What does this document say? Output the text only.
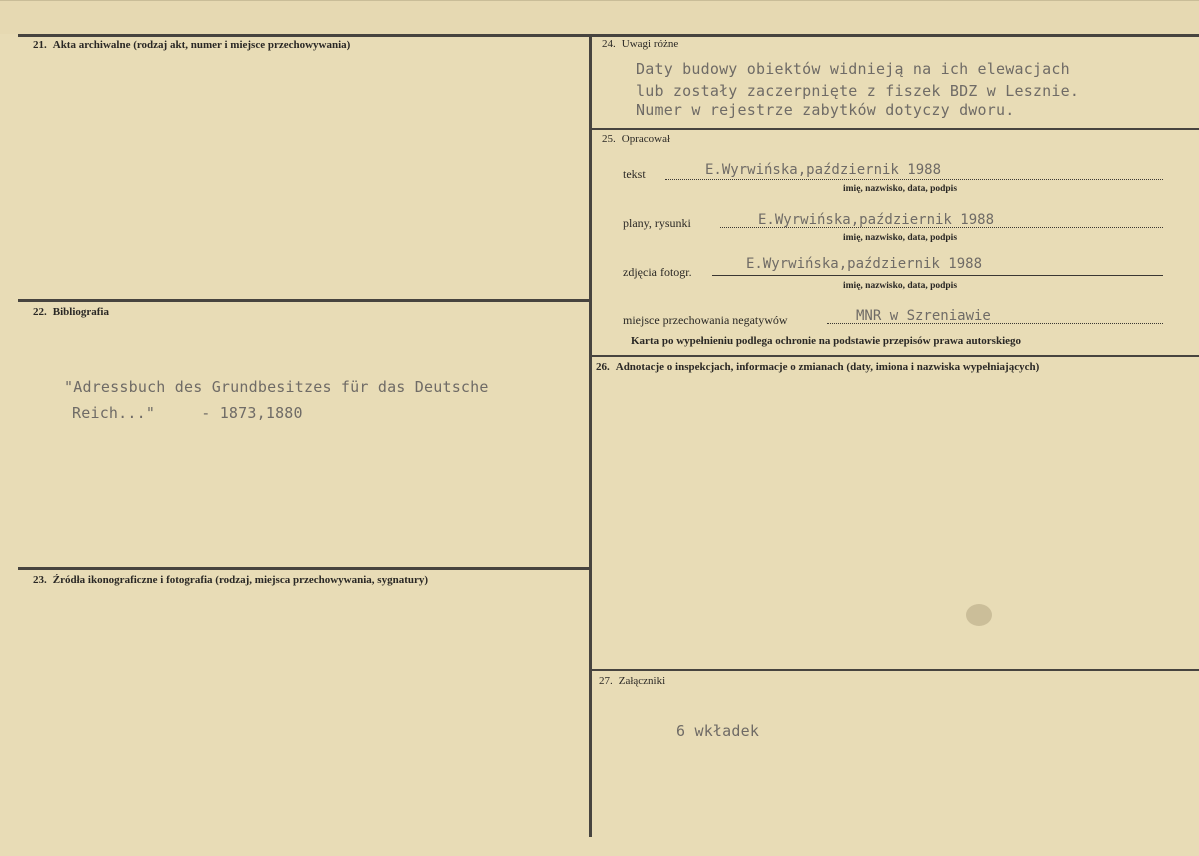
21. Akta archiwalne (rodzaj akt, numer i miejsce przechowywania)
22. Bibliografia
"Adressbuch des Grundbesitzes für das Deutsche
Reich..."     - 1873,1880
23. Źródła ikonograficzne i fotografia (rodzaj, miejsca przechowywania, sygnatury)
24. Uwagi różne
Daty budowy obiektów widnieją na ich elewacjach
lub zostały zaczerpnięte z fiszek BDZ w Lesznie.
Numer w rejestrze zabytków dotyczy dworu.
25. Opracował
tekst	E.Wyrwińska,październik 1988
imię, nazwisko, data, podpis
plany, rysunki	E.Wyrwińska,październik 1988
imię, nazwisko, data, podpis
zdjęcia fotogr.	E.Wyrwińska,październik 1988
imię, nazwisko, data, podpis
miejsce przechowania negatywów	MNR w Szreniawie
Karta po wypełnieniu podlega ochronie na podstawie przepisów prawa autorskiego
26. Adnotacje o inspekcjach, informacje o zmianach (daty, imiona i nazwiska wypełniających)
27. Załączniki
6 wkładek
